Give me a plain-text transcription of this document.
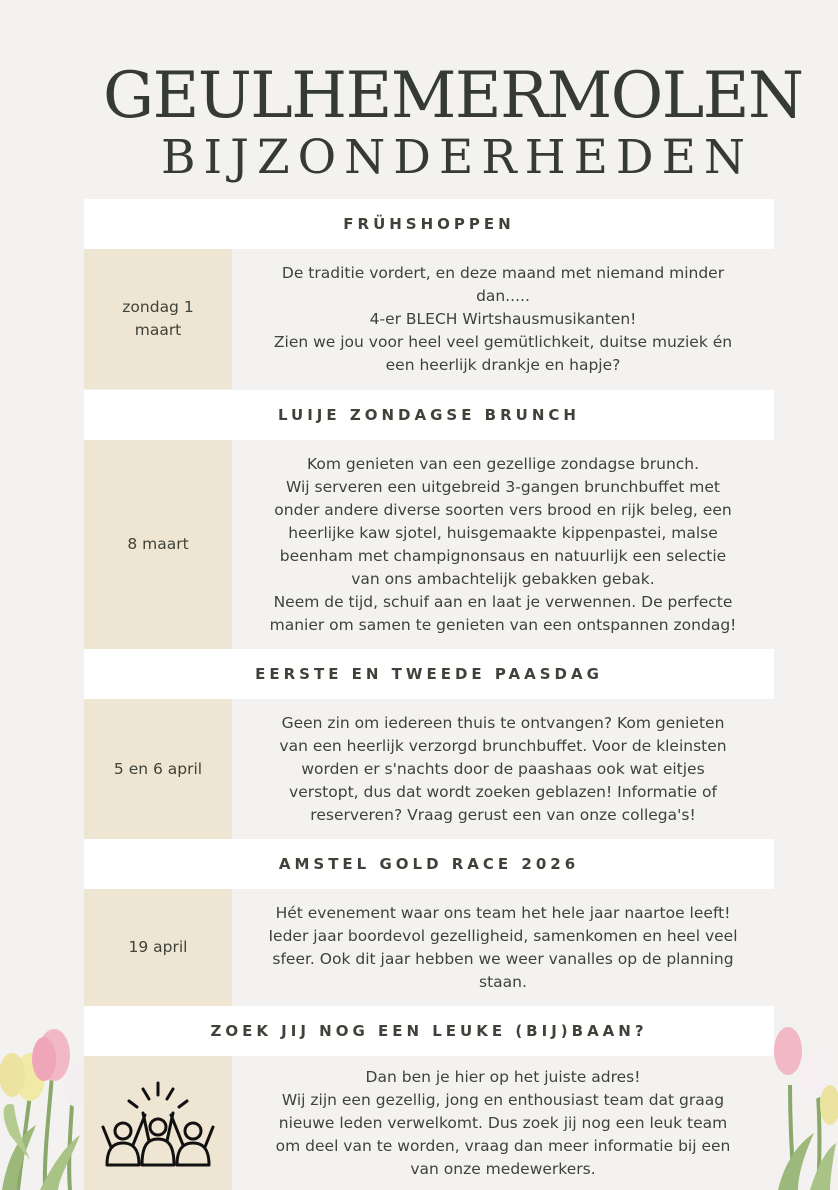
GEULHEMERMOLEN
BIJZONDERHEDEN
FRÜHSHOPPEN
zondag 1
maart
De traditie vordert, en deze maand met niemand minder
dan.....
4-er BLECH Wirtshausmusikanten!
Zien we jou voor heel veel gemütlichkeit, duitse muziek én
een heerlijk drankje en hapje?
LUIJE ZONDAGSE BRUNCH
8 maart
Kom genieten van een gezellige zondagse brunch.
Wij serveren een uitgebreid 3-gangen brunchbuffet met
onder andere diverse soorten vers brood en rijk beleg, een
heerlijke kaw sjotel, huisgemaakte kippenpastei, malse
beenham met champignonsaus en natuurlijk een selectie
van ons ambachtelijk gebakken gebak.
Neem de tijd, schuif aan en laat je verwennen. De perfecte
manier om samen te genieten van een ontspannen zondag!
EERSTE EN TWEEDE PAASDAG
5 en 6 april
Geen zin om iedereen thuis te ontvangen? Kom genieten
van een heerlijk verzorgd brunchbuffet. Voor de kleinsten
worden er s'nachts door de paashaas ook wat eitjes
verstopt, dus dat wordt zoeken geblazen! Informatie of
reserveren? Vraag gerust een van onze collega's!
AMSTEL GOLD RACE 2026
19 april
Hét evenement waar ons team het hele jaar naartoe leeft!
Ieder jaar boordevol gezelligheid, samenkomen en heel veel
sfeer. Ook dit jaar hebben we weer vanalles op de planning
staan.
ZOEK JIJ NOG EEN LEUKE (BIJ)BAAN?
Dan ben je hier op het juiste adres!
Wij zijn een gezellig, jong en enthousiast team dat graag
nieuwe leden verwelkomt. Dus zoek jij nog een leuk team
om deel van te worden, vraag dan meer informatie bij een
van onze medewerkers.
